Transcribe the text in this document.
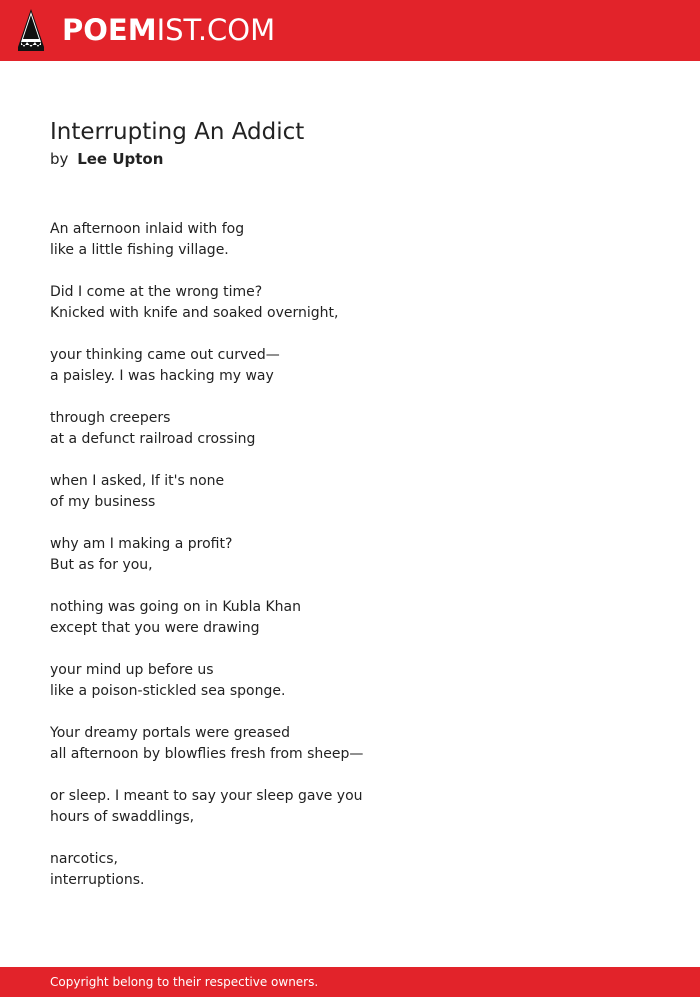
POEMIST.COM
Interrupting An Addict
by Lee Upton
An afternoon inlaid with fog
like a little fishing village.
Did I come at the wrong time?
Knicked with knife and soaked overnight,
your thinking came out curved—
a paisley. I was hacking my way
through creepers
at a defunct railroad crossing
when I asked, If it's none
of my business
why am I making a profit?
But as for you,
nothing was going on in Kubla Khan
except that you were drawing
your mind up before us
like a poison-stickled sea sponge.
Your dreamy portals were greased
all afternoon by blowflies fresh from sheep—
or sleep. I meant to say your sleep gave you
hours of swaddlings,
narcotics,
interruptions.
Copyright belong to their respective owners.
